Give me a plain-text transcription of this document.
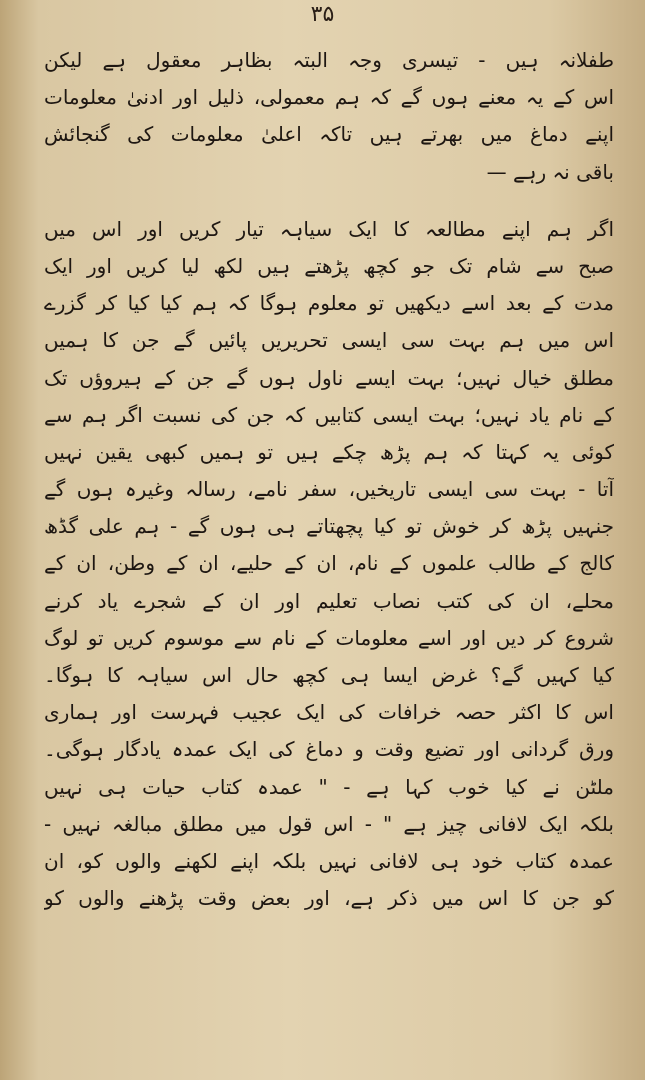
۳۵
طفلانہ ہیں - تیسری وجہ البتہ بظاہر معقول ہے لیکن
اس کے یہ معنے ہوں گے کہ ہم معمولی، ذلیل اور ادنیٰ معلومات
اپنے دماغ میں بھرتے ہیں تاکہ اعلیٰ معلومات کی گنجائش
باقی نہ رہے —
اگر ہم اپنے مطالعہ کا ایک سیاہہ تیار کریں اور اس میں
صبح سے شام تک جو کچھ پڑھتے ہیں لکھ لیا کریں اور ایک
مدت کے بعد اسے دیکھیں تو معلوم ہوگا کہ ہم کیا کیا کر گزرے
اس میں ہم بہت سی ایسی تحریریں پائیں گے جن کا ہمیں
مطلق خیال نہیں؛ بہت ایسے ناول ہوں گے جن کے ہیروؤں تک
کے نام یاد نہیں؛ بہت ایسی کتابیں کہ جن کی نسبت اگر ہم سے
کوئی یہ کہتا کہ ہم پڑھ چکے ہیں تو ہمیں کبھی یقین نہیں
آتا - بہت سی ایسی تاریخیں، سفر نامے، رسالہ وغیرہ ہوں گے
جنہیں پڑھ کر خوش تو کیا پچھتاتے ہی ہوں گے - ہم علی گڈھ
کالج کے طالب علموں کے نام، ان کے حلیے، ان کے وطن، ان کے
محلے، ان کی کتب نصاب تعلیم اور ان کے شجرے یاد کرنے
شروع کر دیں اور اسے معلومات کے نام سے موسوم کریں تو لوگ
کیا کہیں گے؟ غرض ایسا ہی کچھ حال اس سیاہہ کا ہوگا۔
اس کا اکثر حصہ خرافات کی ایک عجیب فہرست اور ہماری
ورق گردانی اور تضیع وقت و دماغ کی ایک عمدہ یادگار ہوگی۔
ملٹن نے کیا خوب کہا ہے - " عمدہ کتاب حیات ہی نہیں
بلکہ ایک لافانی چیز ہے " - اس قول میں مطلق مبالغہ نہیں -
عمدہ کتاب خود ہی لافانی نہیں بلکہ اپنے لکھنے والوں کو، ان
کو جن کا اس میں ذکر ہے، اور بعض وقت پڑھنے والوں کو
